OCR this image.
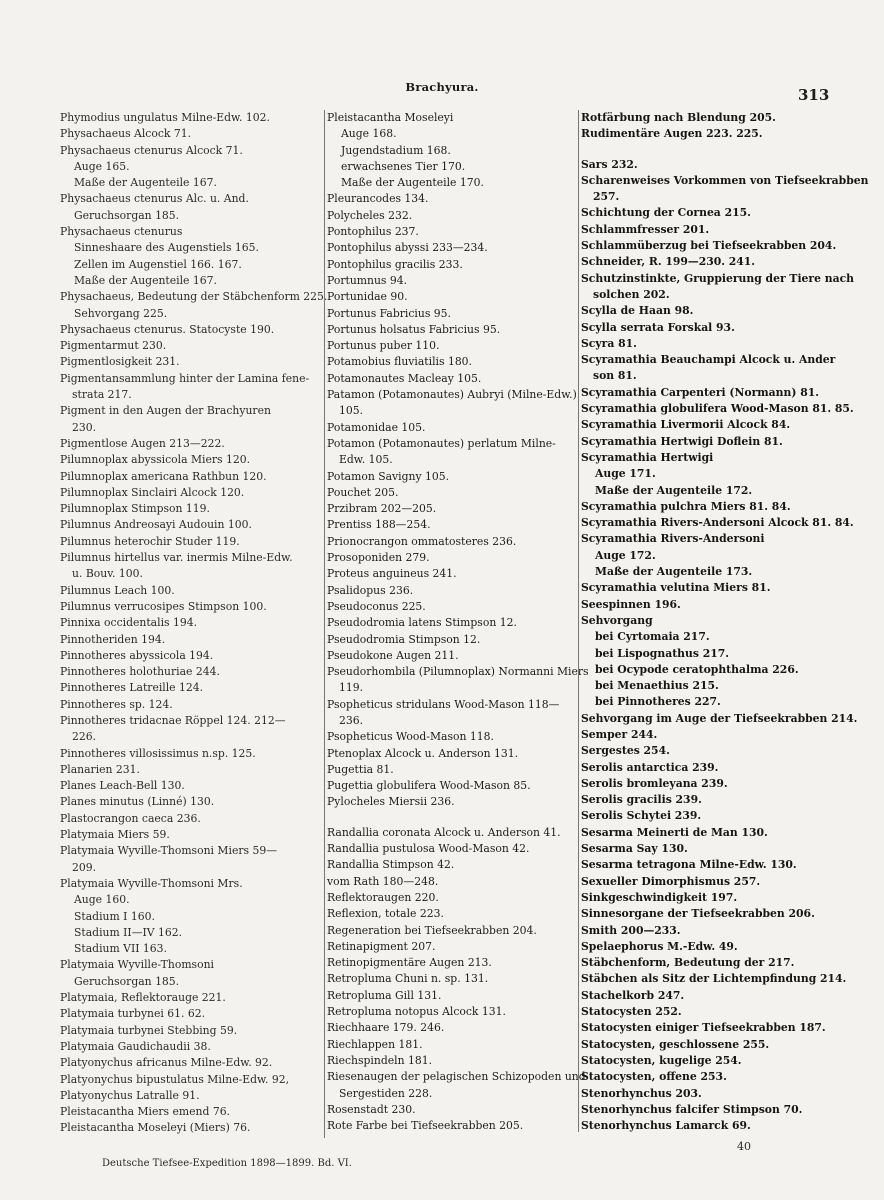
Brachyura.	313
Phymodius ungulatus Milne-Edw. 102.
Physachaeus Alcock 71.
Physachaeus ctenurus Alcock 71.
Auge 165.
Maße der Augenteile 167.
Physachaeus ctenurus Alc. u. And.
Geruchsorgan 185.
Physachaeus ctenurus
Sinneshaare des Augenstiels 165.
Zellen im Augenstiel 166. 167.
Maße der Augenteile 167.
Physachaeus, Bedeutung der Stäbchenform 225.
Sehvorgang 225.
Physachaeus ctenurus. Statocyste 190.
Pigmentarmut 230.
Pigmentlosigkeit 231.
Pigmentansammlung hinter der Lamina fene-
strata 217.
Pigment in den Augen der Brachyuren
230.
Pigmentlose Augen 213—222.
Pilumnoplax abyssicola Miers 120.
Pilumnoplax americana Rathbun 120.
Pilumnoplax Sinclairi Alcock 120.
Pilumnoplax Stimpson 119.
Pilumnus Andreosayi Audouin 100.
Pilumnus heterochir Studer 119.
Pilumnus hirtellus var. inermis Milne-Edw.
u. Bouv. 100.
Pilumnus Leach 100.
Pilumnus verrucosipes Stimpson 100.
Pinnixa occidentalis 194.
Pinnotheriden 194.
Pinnotheres abyssicola 194.
Pinnotheres holothuriae 244.
Pinnotheres Latreille 124.
Pinnotheres sp. 124.
Pinnotheres tridacnae Röppel 124. 212—
226.
Pinnotheres villosissimus n.sp. 125.
Planarien 231.
Planes Leach-Bell 130.
Planes minutus (Linné) 130.
Plastocrangon caeca 236.
Platymaia Miers 59.
Platymaia Wyville-Thomsoni Miers 59—
209.
Platymaia Wyville-Thomsoni Mrs.
Auge 160.
Stadium I 160.
Stadium II—IV 162.
Stadium VII 163.
Platymaia Wyville-Thomsoni
Geruchsorgan 185.
Platymaia, Reflektorauge 221.
Platymaia turbynei 61. 62.
Platymaia turbynei Stebbing 59.
Platymaia Gaudichaudii 38.
Platyonychus africanus Milne-Edw. 92.
Platyonychus bipustulatus Milne-Edw. 92,
Platyonychus Latralle 91.
Pleistacantha Miers emend 76.
Pleistacantha Moseleyi (Miers) 76.
Pleistacantha Moseleyi
Auge 168.
Jugendstadium 168.
erwachsenes Tier 170.
Maße der Augenteile 170.
Pleurancodes 134.
Polycheles 232.
Pontophilus 237.
Pontophilus abyssi 233—234.
Pontophilus gracilis 233.
Portumnus 94.
Portunidae 90.
Portunus Fabricius 95.
Portunus holsatus Fabricius 95.
Portunus puber 110.
Potamobius fluviatilis 180.
Potamonautes Macleay 105.
Patamon (Potamonautes) Aubryi (Milne-Edw.)
105.
Potamonidae 105.
Potamon (Potamonautes) perlatum Milne-
Edw. 105.
Potamon Savigny 105.
Pouchet 205.
Przibram 202—205.
Prentiss 188—254.
Prionocrangon ommatosteres 236.
Prosoponiden 279.
Proteus anguineus 241.
Psalidopus 236.
Pseudoconus 225.
Pseudodromia latens Stimpson 12.
Pseudodromia Stimpson 12.
Pseudokone Augen 211.
Pseudorhombila (Pilumnoplax) Normanni Miers
119.
Psopheticus stridulans Wood-Mason 118—
236.
Psopheticus Wood-Mason 118.
Ptenoplax Alcock u. Anderson 131.
Pugettia 81.
Pugettia globulifera Wood-Mason 85.
Pylocheles Miersii 236.
Randallia coronata Alcock u. Anderson 41.
Randallia pustulosa Wood-Mason 42.
Randallia Stimpson 42.
vom Rath 180—248.
Reflektoraugen 220.
Reflexion, totale 223.
Regeneration bei Tiefseekrabben 204.
Retinapigment 207.
Retinopigmentäre Augen 213.
Retropluma Chuni n. sp. 131.
Retropluma Gill 131.
Retropluma notopus Alcock 131.
Riechhaare 179. 246.
Riechlappen 181.
Riechspindeln 181.
Riesenaugen der pelagischen Schizopoden und
Sergestiden 228.
Rosenstadt 230.
Rote Farbe bei Tiefseekrabben 205.
Rotfärbung nach Blendung 205.
Rudimentäre Augen 223. 225.
Sars 232.
Scharenweises Vorkommen von Tiefseekrabben
257.
Schichtung der Cornea 215.
Schlammfresser 201.
Schlammüberzug bei Tiefseekrabben 204.
Schneider, R. 199—230. 241.
Schutzinstinkte, Gruppierung der Tiere nach
solchen 202.
Scylla de Haan 98.
Scylla serrata Forskal 93.
Scyra 81.
Scyramathia Beauchampi Alcock u. Ander
son 81.
Scyramathia Carpenteri (Normann) 81.
Scyramathia globulifera Wood-Mason 81. 85.
Scyramathia Livermorii Alcock 84.
Scyramathia Hertwigi Doflein 81.
Scyramathia Hertwigi
Auge 171.
Maße der Augenteile 172.
Scyramathia pulchra Miers 81. 84.
Scyramathia Rivers-Andersoni Alcock 81. 84.
Scyramathia Rivers-Andersoni
Auge 172.
Maße der Augenteile 173.
Scyramathia velutina Miers 81.
Seespinnen 196.
Sehvorgang
bei Cyrtomaia 217.
bei Lispognathus 217.
bei Ocypode ceratophthalma 226.
bei Menaethius 215.
bei Pinnotheres 227.
Sehvorgang im Auge der Tiefseekrabben 214.
Semper 244.
Sergestes 254.
Serolis antarctica 239.
Serolis bromleyana 239.
Serolis gracilis 239.
Serolis Schytei 239.
Sesarma Meinerti de Man 130.
Sesarma Say 130.
Sesarma tetragona Milne-Edw. 130.
Sexueller Dimorphismus 257.
Sinkgeschwindigkeit 197.
Sinnesorgane der Tiefseekrabben 206.
Smith 200—233.
Spelaephorus M.-Edw. 49.
Stäbchenform, Bedeutung der 217.
Stäbchen als Sitz der Lichtempfindung 214.
Stachelkorb 247.
Statocysten 252.
Statocysten einiger Tiefseekrabben 187.
Statocysten, geschlossene 255.
Statocysten, kugelige 254.
Statocysten, offene 253.
Stenorhynchus 203.
Stenorhynchus falcifer Stimpson 70.
Stenorhynchus Lamarck 69.
40
Deutsche Tiefsee-Expedition 1898—1899. Bd. VI.
